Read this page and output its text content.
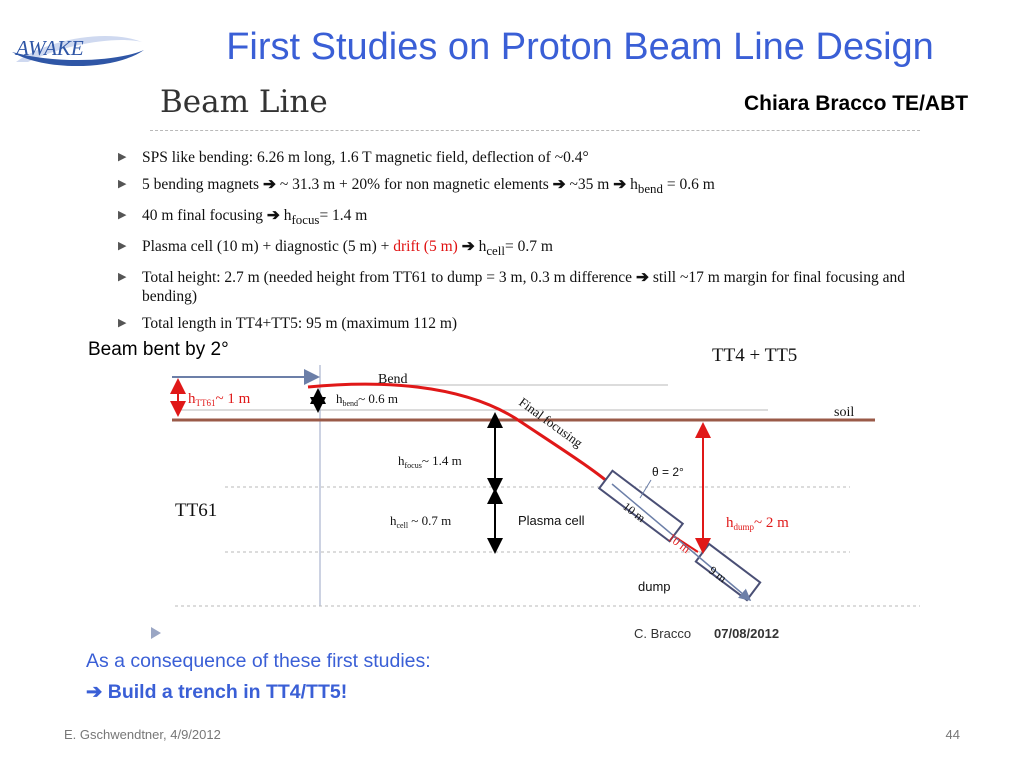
AWAKE	First Studies on Proton Beam Line Design
Beam Line	Chiara Bracco TE/ABT
▶ SPS like bending: 6.26 m long, 1.6 T magnetic field, deflection of ~0.4°
▶ 5 bending magnets ➔ ~ 31.3 m + 20% for non magnetic elements ➔ ~35 m ➔ $h_{bend} = 0.6$ m
▶ 40 m final focusing ➔ $h_{focus}= 1.4$ m
▶ Plasma cell (10 m) + diagnostic (5 m) + drift (5 m) ➔ $h_{cell}= 0.7$ m
▶ Total height: 2.7 m (needed height from TT61 to dump = 3 m, 0.3 m difference ➔ still ~17 m margin for final focusing and bending)
▶ Total length in TT4+TT5: 95 m (maximum 112 m)
Beam bent by 2°	TT4 + TT5
Bend
soil
$h_{TT61}\sim$ 1 m	$h_{bend}\sim$ 0.6 m	Final focusing
θ = 2°
$h_{focus}\sim$ 1.4 m
TT61	$h_{cell}$ ~ 0.7 m	Plasma cell	10 m
10 m
9 m
$h_{dump}\sim$ 2 m
dump
C. Bracco 07/08/2012
As a consequence of these first studies:
➔ Build a trench in TT4/TT5!
E. Gschwendtner, 4/9/2012	44
